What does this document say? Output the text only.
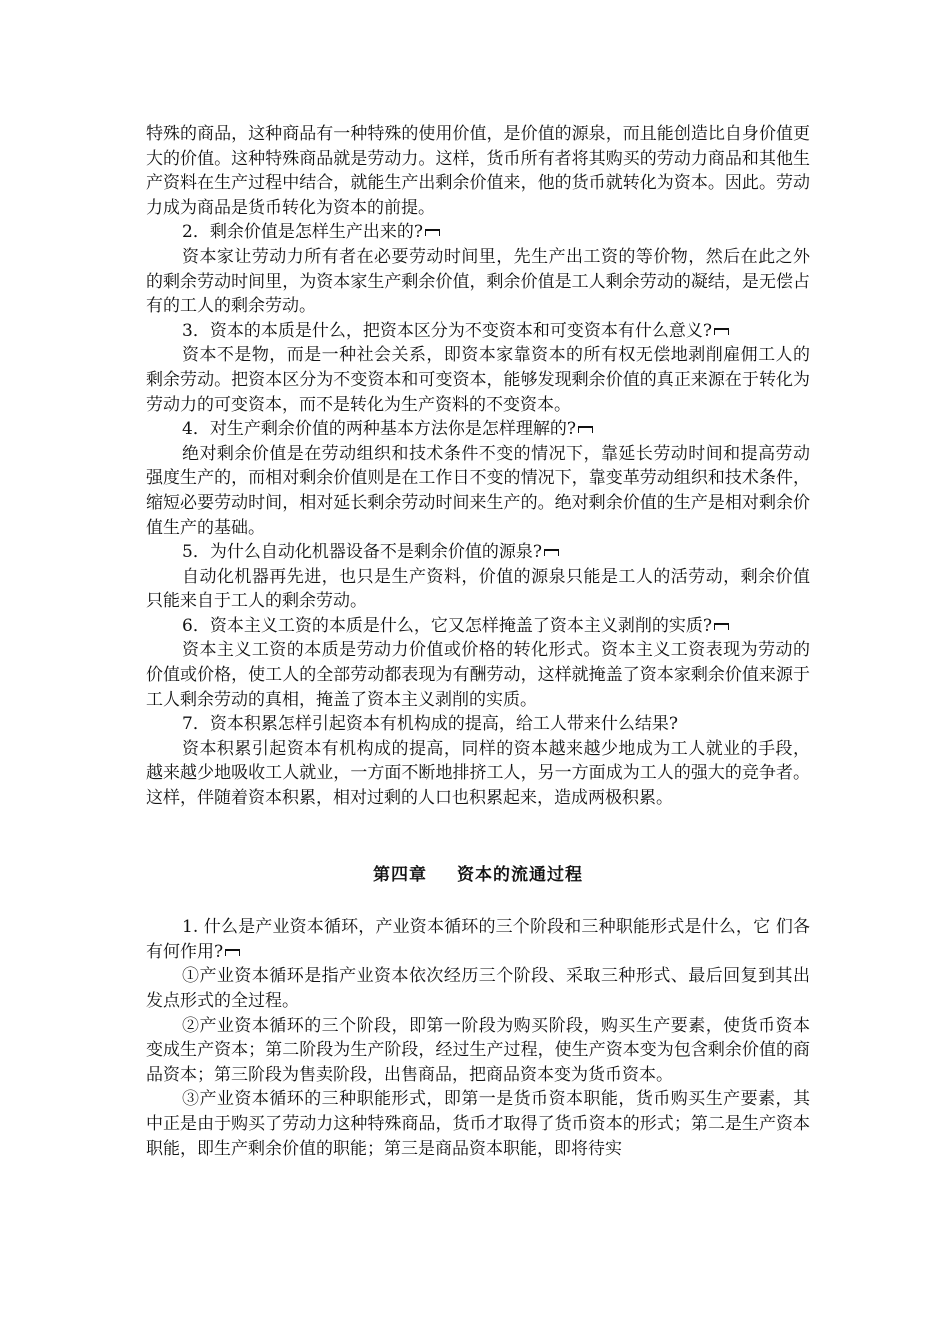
特殊的商品，这种商品有一种特殊的使用价值，是价值的源泉，而且能创造比自身价值更大的价值。这种特殊商品就是劳动力。这样，货币所有者将其购买的劳动力商品和其他生产资料在生产过程中结合，就能生产出剩余价值来，他的货币就转化为资本。因此。劳动力成为商品是货币转化为资本的前提。

2．剩余价值是怎样生产出来的?

资本家让劳动力所有者在必要劳动时间里，先生产出工资的等价物，然后在此之外的剩余劳动时间里，为资本家生产剩余价值，剩余价值是工人剩余劳动的凝结，是无偿占有的工人的剩余劳动。

3．资本的本质是什么，把资本区分为不变资本和可变资本有什么意义?

资本不是物，而是一种社会关系，即资本家靠资本的所有权无偿地剥削雇佣工人的剩余劳动。把资本区分为不变资本和可变资本，能够发现剩余价值的真正来源在于转化为劳动力的可变资本，而不是转化为生产资料的不变资本。

4．对生产剩余价值的两种基本方法你是怎样理解的?

绝对剩余价值是在劳动组织和技术条件不变的情况下，靠延长劳动时间和提高劳动强度生产的，而相对剩余价值则是在工作日不变的情况下，靠变革劳动组织和技术条件，缩短必要劳动时间，相对延长剩余劳动时间来生产的。绝对剩余价值的生产是相对剩余价值生产的基础。

5．为什么自动化机器设备不是剩余价值的源泉?

自动化机器再先进，也只是生产资料，价值的源泉只能是工人的活劳动，剩余价值只能来自于工人的剩余劳动。

6．资本主义工资的本质是什么，它又怎样掩盖了资本主义剥削的实质?

资本主义工资的本质是劳动力价值或价格的转化形式。资本主义工资表现为劳动的价值或价格，使工人的全部劳动都表现为有酬劳动，这样就掩盖了资本家剩余价值来源于工人剩余劳动的真相，掩盖了资本主义剥削的实质。

7．资本积累怎样引起资本有机构成的提高，给工人带来什么结果?

资本积累引起资本有机构成的提高，同样的资本越来越少地成为工人就业的手段，越来越少地吸收工人就业，一方面不断地排挤工人，另一方面成为工人的强大的竞争者。这样，伴随着资本积累，相对过剩的人口也积累起来，造成两极积累。

第四章 资本的流通过程

1. 什么是产业资本循环，产业资本循环的三个阶段和三种职能形式是什么，它 们各有何作用?

①产业资本循环是指产业资本依次经历三个阶段、采取三种形式、最后回复到其出发点形式的全过程。

②产业资本循环的三个阶段，即第一阶段为购买阶段，购买生产要素，使货币资本变成生产资本；第二阶段为生产阶段，经过生产过程，使生产资本变为包含剩余价值的商品资本；第三阶段为售卖阶段，出售商品，把商品资本变为货币资本。

③产业资本循环的三种职能形式，即第一是货币资本职能，货币购买生产要素，其中正是由于购买了劳动力这种特殊商品，货币才取得了货币资本的形式；第二是生产资本职能，即生产剩余价值的职能；第三是商品资本职能，即将待实
